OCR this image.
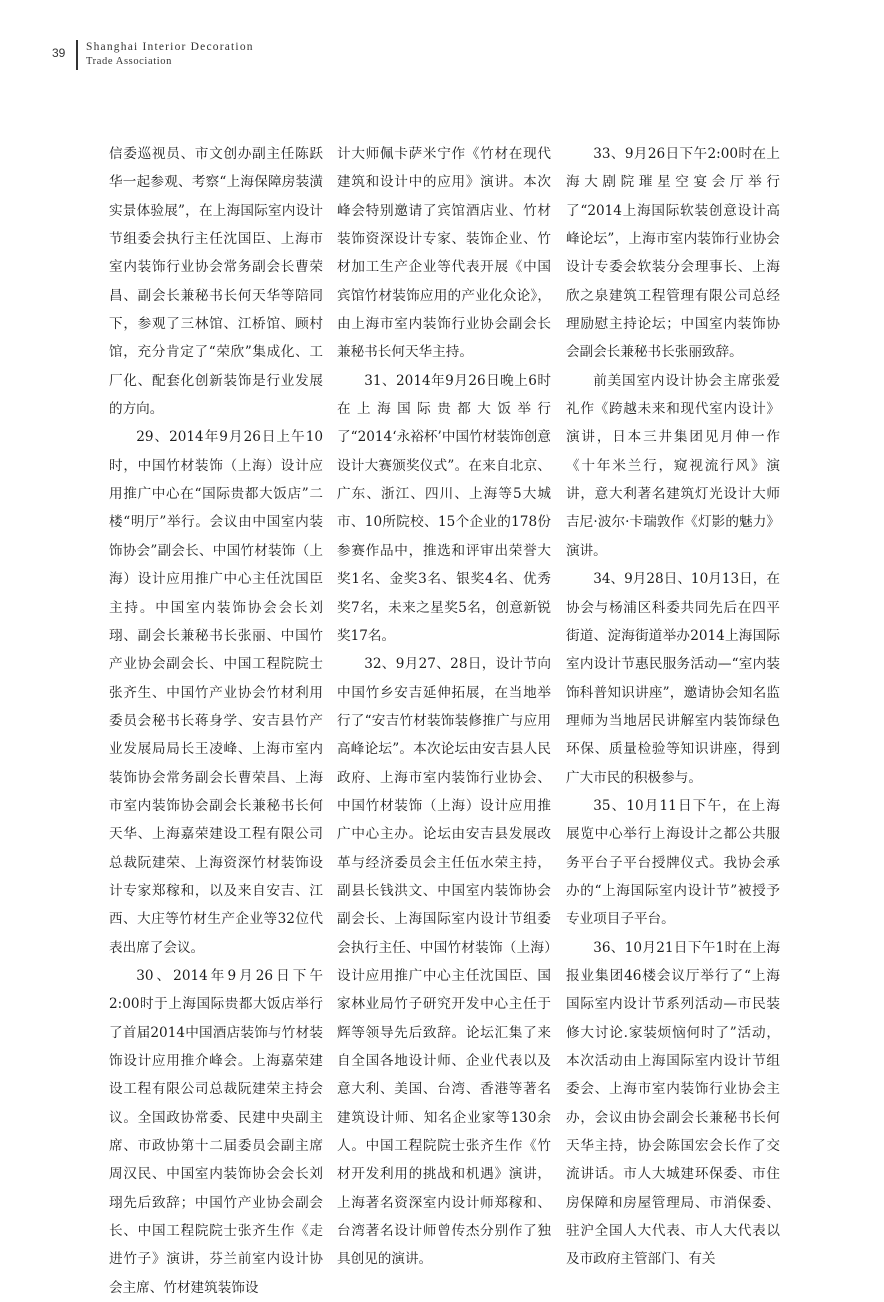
39 Shanghai Interior Decoration
Trade Association

信委巡视员、市文创办副主任陈跃华一起参观、考察“上海保障房装潢实景体验展”，在上海国际室内设计节组委会执行主任沈国臣、上海市室内装饰行业协会常务副会长曹荣昌、副会长兼秘书长何天华等陪同下，参观了三林馆、江桥馆、顾村馆，充分肯定了“荣欣”集成化、工厂化、配套化创新装饰是行业发展的方向。

29、2014年9月26日上午10时，中国竹材装饰（上海）设计应用推广中心在“国际贵都大饭店”二楼“明厅”举行。会议由中国室内装饰协会”副会长、中国竹材装饰（上海）设计应用推广中心主任沈国臣主持。中国室内装饰协会会长刘珝、副会长兼秘书长张丽、中国竹产业协会副会长、中国工程院院士张齐生、中国竹产业协会竹材利用委员会秘书长蒋身学、安吉县竹产业发展局局长王凌峰、上海市室内装饰协会常务副会长曹荣昌、上海市室内装饰协会副会长兼秘书长何天华、上海嘉荣建设工程有限公司总裁阮建荣、上海资深竹材装饰设计专家郑稼和，以及来自安吉、江西、大庄等竹材生产企业等32位代表出席了会议。

30、2014年9月26日下午2:00时于上海国际贵都大饭店举行了首届2014中国酒店装饰与竹材装饰设计应用推介峰会。上海嘉荣建设工程有限公司总裁阮建荣主持会议。全国政协常委、民建中央副主席、市政协第十二届委员会副主席周汉民、中国室内装饰协会会长刘珝先后致辞；中国竹产业协会副会长、中国工程院院士张齐生作《走进竹子》演讲，芬兰前室内设计协会主席、竹材建筑装饰设

计大师佩卡萨米宁作《竹材在现代建筑和设计中的应用》演讲。本次峰会特别邀请了宾馆酒店业、竹材装饰资深设计专家、装饰企业、竹材加工生产企业等代表开展《中国宾馆竹材装饰应用的产业化众论》，由上海市室内装饰行业协会副会长兼秘书长何天华主持。

31、2014年9月26日晚上6时在上海国际贵都大饭举行了“2014‘永裕杯’中国竹材装饰创意设计大赛颁奖仪式”。在来自北京、广东、浙江、四川、上海等5大城市、10所院校、15个企业的178份参赛作品中，推选和评审出荣誉大奖1名、金奖3名、银奖4名、优秀奖7名，未来之星奖5名，创意新锐奖17名。

32、9月27、28日，设计节向中国竹乡安吉延伸拓展，在当地举行了“安吉竹材装饰装修推广与应用高峰论坛”。本次论坛由安吉县人民政府、上海市室内装饰行业协会、中国竹材装饰（上海）设计应用推广中心主办。论坛由安吉县发展改革与经济委员会主任伍水荣主持，副县长钱洪文、中国室内装饰协会副会长、上海国际室内设计节组委会执行主任、中国竹材装饰（上海）设计应用推广中心主任沈国臣、国家林业局竹子研究开发中心主任于辉等领导先后致辞。论坛汇集了来自全国各地设计师、企业代表以及意大利、美国、台湾、香港等著名建筑设计师、知名企业家等130余人。中国工程院院士张齐生作《竹材开发利用的挑战和机遇》演讲，上海著名资深室内设计师郑稼和、台湾著名设计师曾传杰分别作了独具创见的演讲。

33、9月26日下午2:00时在上海大剧院璀星空宴会厅举行了“2014上海国际软装创意设计高峰论坛”，上海市室内装饰行业协会设计专委会软装分会理事长、上海欣之泉建筑工程管理有限公司总经理励慰主持论坛；中国室内装饰协会副会长兼秘书长张丽致辞。

前美国室内设计协会主席张爱礼作《跨越未来和现代室内设计》演讲，日本三井集团见月伸一作《十年米兰行，窥视流行风》演讲，意大利著名建筑灯光设计大师吉尼·波尔·卡瑞敦作《灯影的魅力》演讲。

34、9月28日、10月13日，在协会与杨浦区科委共同先后在四平街道、淀海街道举办2014上海国际室内设计节惠民服务活动—“室内装饰科普知识讲座”，邀请协会知名监理师为当地居民讲解室内装饰绿色环保、质量检验等知识讲座，得到广大市民的积极参与。

35、10月11日下午，在上海展览中心举行上海设计之都公共服务平台子平台授牌仪式。我协会承办的“上海国际室内设计节”被授予专业项目子平台。

36、10月21日下午1时在上海报业集团46楼会议厅举行了“上海国际室内设计节系列活动—市民装修大讨论.家装烦恼何时了”活动，本次活动由上海国际室内设计节组委会、上海市室内装饰行业协会主办，会议由协会副会长兼秘书长何天华主持，协会陈国宏会长作了交流讲话。市人大城建环保委、市住房保障和房屋管理局、市消保委、驻沪全国人大代表、市人大代表以及市政府主管部门、有关
